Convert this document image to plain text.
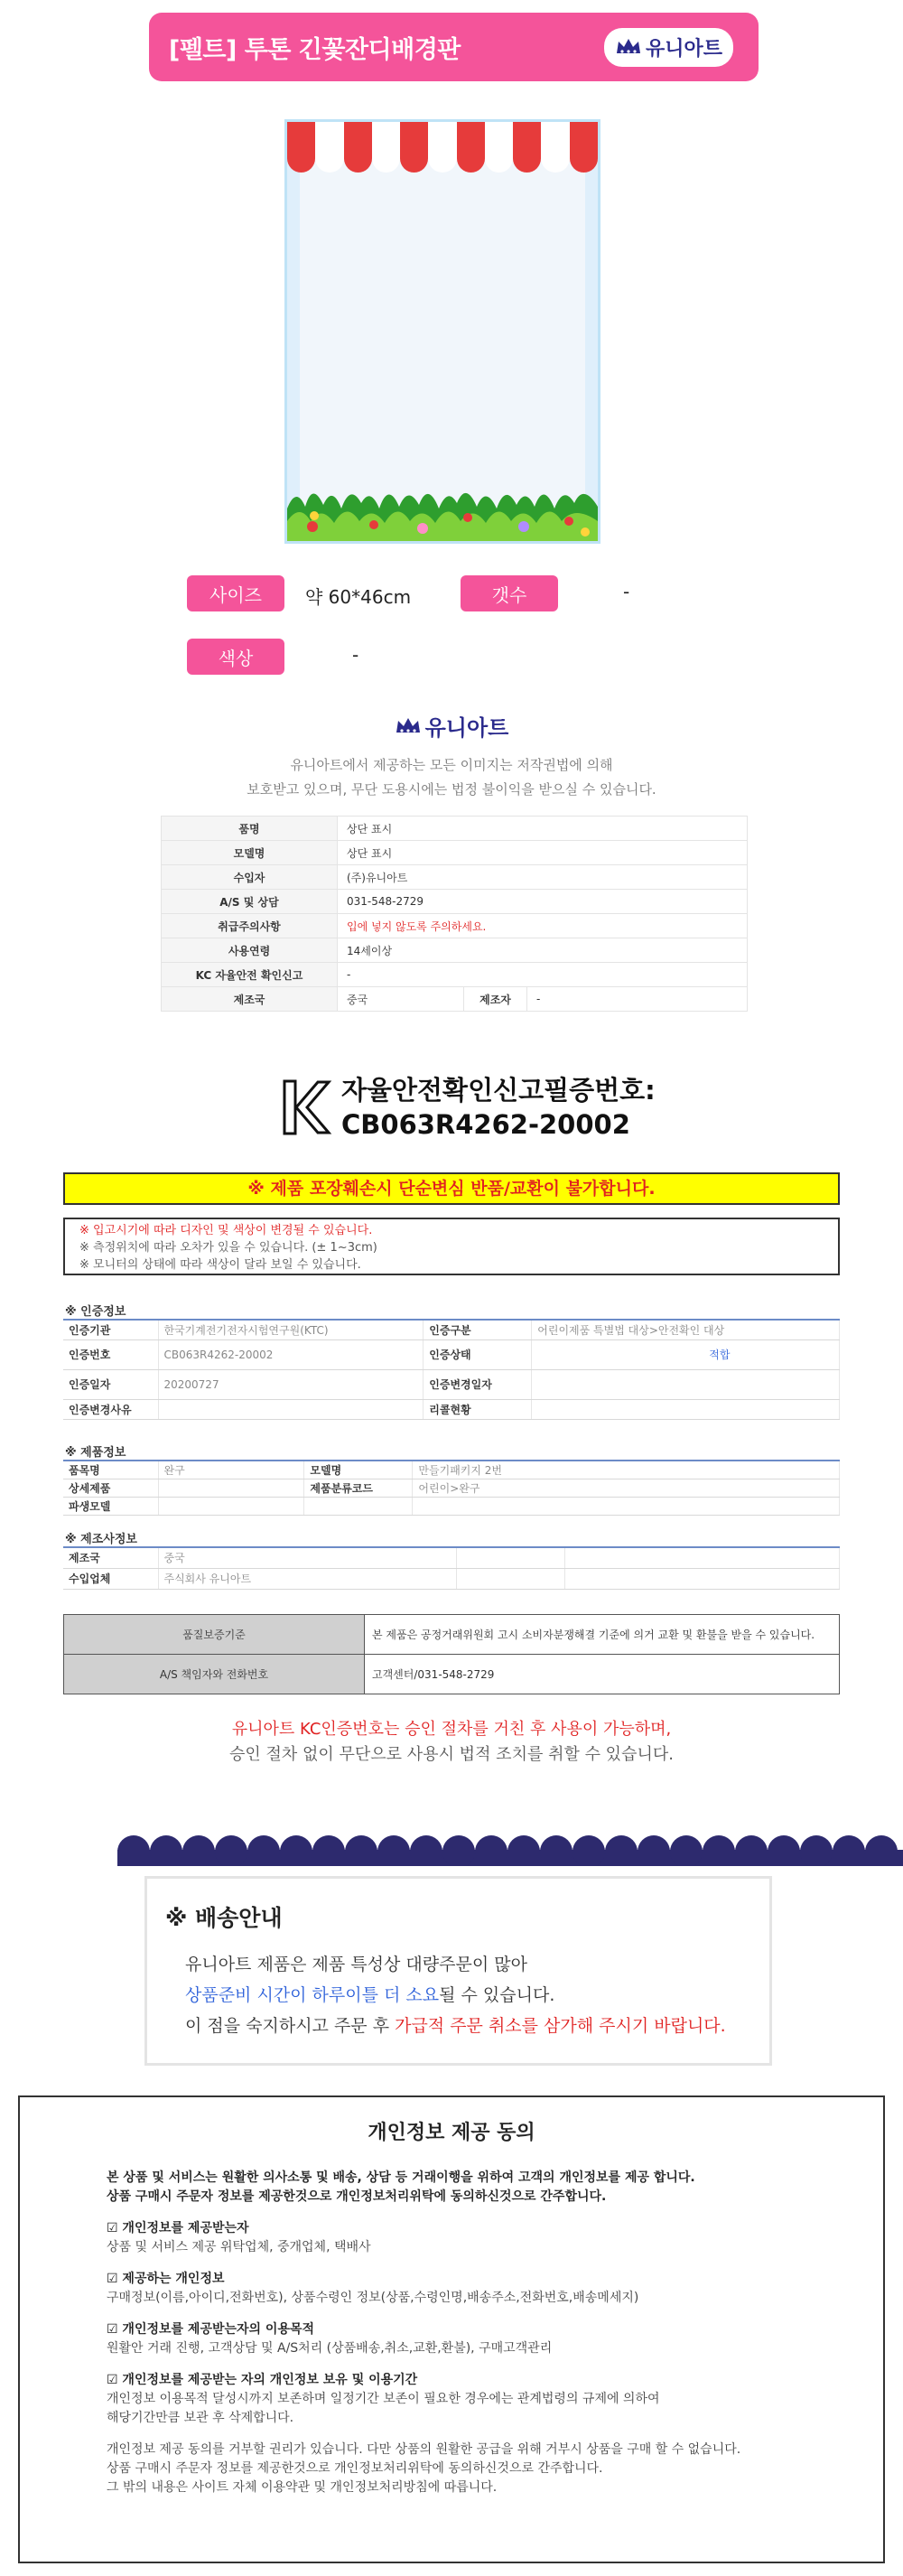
[펠트] 투톤 긴꽃잔디배경판	유니아트
사이즈	약 60*46cm	갯수	-
색상	-
유니아트
유니아트에서 제공하는 모든 이미지는 저작권법에 의해
보호받고 있으며, 무단 도용시에는 법정 불이익을 받으실 수 있습니다.
품명	상단 표시		
모델명	상단 표시		
수입자	(주)유니아트		
A/S 및 상담	031-548-2729		
취급주의사항	입에 넣지 않도록 주의하세요.		
사용연령	14세이상		
KC 자율안전 확인신고	-		
제조국	중국	제조자	-
자율안전확인신고필증번호:
CB063R4262-20002
※ 제품 포장훼손시 단순변심 반품/교환이 불가합니다.
※ 입고시기에 따라 디자인 및 색상이 변경될 수 있습니다.
※ 측정위치에 따라 오차가 있을 수 있습니다. (± 1~3cm)
※ 모니터의 상태에 따라 색상이 달라 보일 수 있습니다.
※ 인증정보
인증기관	한국기계전기전자시험연구원(KTC)	인증구분	어린이제품 특별법 대상>안전확인 대상
인증번호	CB063R4262-20002	인증상태	적합
인증일자	20200727	인증변경일자	
인증변경사유		리콜현황	
※ 제품정보
품목명	완구	모델명	만들기패키지 2번
상세제품		제품분류코드	어린이>완구
파생모델			
※ 제조사정보
제조국	중국		
수입업체	주식회사 유니아트		
품질보증기준	본 제품은 공정거래위원회 고시 소비자분쟁해결 기준에 의거 교환 및 환불을 받을 수 있습니다.
A/S 책임자와 전화번호	고객센터/031-548-2729
유니아트 KC인증번호는 승인 절차를 거친 후 사용이 가능하며,
승인 절차 없이 무단으로 사용시 법적 조치를 취할 수 있습니다.
※ 배송안내

유니아트 제품은 제품 특성상 대량주문이 많아

상품준비 시간이 하루이틀 더 소요될 수 있습니다.

이 점을 숙지하시고 주문 후 가급적 주문 취소를 삼가해 주시기 바랍니다.

개인정보 제공 동의
본 상품 및 서비스는 원활한 의사소통 및 배송, 상담 등 거래이행을 위하여 고객의 개인정보를 제공 합니다.
상품 구매시 주문자 정보를 제공한것으로 개인정보처리위탁에 동의하신것으로 간주합니다.
☑ 개인정보를 제공받는자
상품 및 서비스 제공 위탁업체, 중개업체, 택배사
☑ 제공하는 개인정보
구매정보(이름,아이디,전화번호), 상품수령인 정보(상품,수령인명,배송주소,전화번호,배송메세지)
☑ 개인정보를 제공받는자의 이용목적
원활안 거래 진행, 고객상담 및 A/S처리 (상품배송,취소,교환,환불), 구매고객관리
☑ 개인정보를 제공받는 자의 개인정보 보유 및 이용기간
개인정보 이용목적 달성시까지 보존하며 일정기간 보존이 필요한 경우에는 관계법령의 규제에 의하여
해당기간만큼 보관 후 삭제합니다.
개인정보 제공 동의를 거부할 권리가 있습니다. 다만 상품의 원활한 공급을 위해 거부시 상품을 구매 할 수 없습니다.
상품 구매시 주문자 정보를 제공한것으로 개인정보처리위탁에 동의하신것으로 간주합니다.
그 밖의 내용은 사이트 자체 이용약관 및 개인정보처리방침에 따릅니다.
